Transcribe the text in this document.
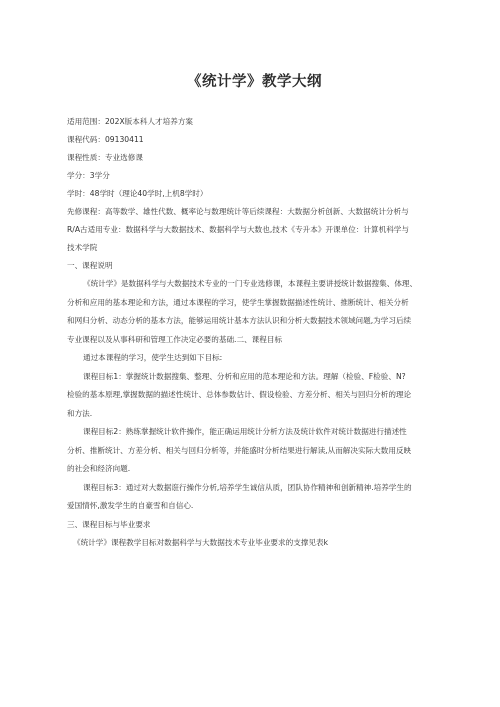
《统计学》教学大纲

适用范围：202X版本科人才培养方案

课程代码：09130411

课程性质：专业选修课

学分：3学分

学时：48学时（理论40学时,上机8学时）

先修课程：高等数学、雄性代数、概率论与数理统计等后续课程：大数据分析创新、大数据统计分析与

R/A古适用专业：数据科学与大数据技术、数据科学与大数也,技术《专升本》开课单位：计算机科学与

技术学院

一、课程说明

《统计学》是数据科学与大数据技术专业的一门专业选修课，本课程主要讲授统计数据搜集、体理、

分析和应用的基本理论和方法，通过本课程的学习，使学生掌握数据描述性统计、推断统计、相关分析

和网归分析、动态分析的基本方法，能够运用统计基本方法认识和分析大数据技术领域问题,为学习后续

专业课程以及从事科研和管理工作决定必要的基础.二、课程目标

通过本课程的学习，使学生达到如下目标:

课程目标1：掌握统计数据搜集、整理、分析和应用的范本理论和方法。理解（检验、F检验、N?

检验的基本原理,掌握数据的描述性统计、总体参数估计、假设检验、方差分析、相关与回归分析的理论

和方法.

课程目标2：熟练掌握统计软件操作，能正确运用统计分析方法及统计软件对统计数据进行描述性

分析、推断统计、方差分析、相关与回归分析等，并能盛时分析结果进行解读,从而解决实际大数用反映

的社会和经济向题.

课程目标3：通过对大数据诳行操作分析,培养学生诚信从质，团队协作精神和创新精神.培养学生的

爱国情怀,激发学生的自豪雪和自信心.

三、课程目标与毕业要求

《统计学》课程教学目标对数据科学与大数据技术专业毕业要求的支撑见表k
